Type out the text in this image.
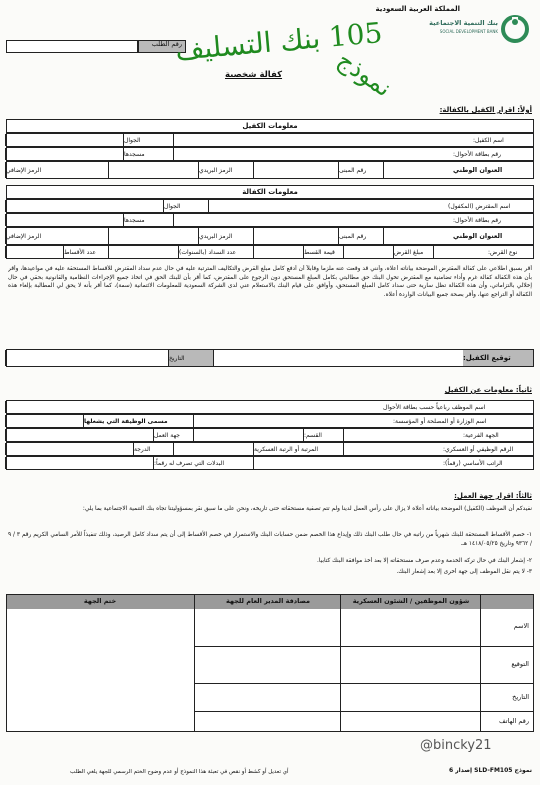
المملكة العربية السعودية
بنك التنمية الاجتماعية
SOCIAL DEVELOPMENT BANK
رقم الطلب
105 بنك التسليف
نموذج
كفالة شخصية
أولاً: اقرار الكفيل بالكفالة:
معلومات الكفيل
اسم الكفيل:
الجوال
رقم بطاقة الأحوال:
مسجدها
العنوان الوطني
رقم المبنى
الرمز البريدي
الرمز الإضافي
معلومات الكفالة
اسم المقترض (المكفول)
الجوال
رقم بطاقة الأحوال:
مسجدها
العنوان الوطني
رقم المبنى
الرمز البريدي
الرمز الإضافي
نوع القرض:
مبلغ القرض
قيمة القسط
عدد السداد (بالسنوات)
عدد الأقساط
أقر بسبق اطلاعي على كفالة المقترض الموضحة بياناته أعلاه، وأنني قد وقعت عنه ملزماً وقابلاً أن أدفع كامل مبلغ القرض والتكاليف المترتبة عليه في حال عدم سداد المقترض للأقساط المستحقة عليه في مواعيدها، وأقر بأن هذه الكفالة كفالة غرم وأداء تضامنية مع المقترض تخول البنك حق مطالبتي بكامل المبلغ المستحق دون الرجوع على المقترض، كما أقر بأن للبنك الحق في اتخاذ جميع الإجراءات النظامية والقانونية بحقي في حال إخلالي بالتزاماتي، وأن هذه الكفالة تظل سارية حتى سداد كامل المبلغ المستحق، وأوافق على قيام البنك بالاستعلام عني لدى الشركة السعودية للمعلومات الائتمانية (سمة)، كما أقر بأنه لا يحق لي المطالبة بإلغاء هذه الكفالة أو التراجع عنها، وأقر بصحة جميع البيانات الواردة أعلاه.
توقيع الكفيل:
التاريخ
ثانياً: معلومات عن الكفيل
اسم الموظف رباعياً حسب بطاقة الأحوال
اسم الوزارة أو المصلحة أو المؤسسة:
مسمى الوظيفة التي يشغلها
الجهة الفرعية:
القسم:
جهة العمل
الرقم الوظيفي أو العسكري:
المرتبة أو الرتبة العسكرية
الدرجة
الراتب الأساسي (رقماً):
البدلات التي تصرف له رقماً:
ثالثاً: اقرار جهة العمل:
نفيدكم أن الموظف (الكفيل) الموضحة بياناته أعلاه لا يزال على رأس العمل لدينا ولم تتم تصفية مستحقاته حتى تاريخه، ونحن على ما سبق نقر بمسؤوليتنا تجاه بنك التنمية الاجتماعية بما يلي:
١- خصم الأقساط المستحقة للبنك شهرياً من راتبه في حال طلب البنك ذلك وإيداع هذا الخصم ضمن حسابات البنك والاستمرار في خصم الأقساط إلى أن يتم سداد كامل الرصيد، وذلك تنفيذاً للأمر السامي الكريم رقم ٣ / ٩ / ٩٣٦٢ وتاريخ ١٤١٨/٠٥/٢٥ هـ.
٢- إشعار البنك في حال تركه الخدمة وعدم صرف مستحقاته إلا بعد أخذ موافقة البنك كتابياً.
٣- لا يتم نقل الموظف إلى جهة أخرى إلا بعد إشعار البنك.
شؤون الموظفين / الشئون العسكرية
مصادقة المدير العام للجهة
ختم الجهة
الاسم
التوقيع
التاريخ
رقم الهاتف
نموذج SLD-FM105 إصدار 6
أي تعديل أو كشط أو نقص في تعبئة هذا النموذج أو عدم وضوح الختم الرسمي للجهة يلغي الطلب
@bincky21
